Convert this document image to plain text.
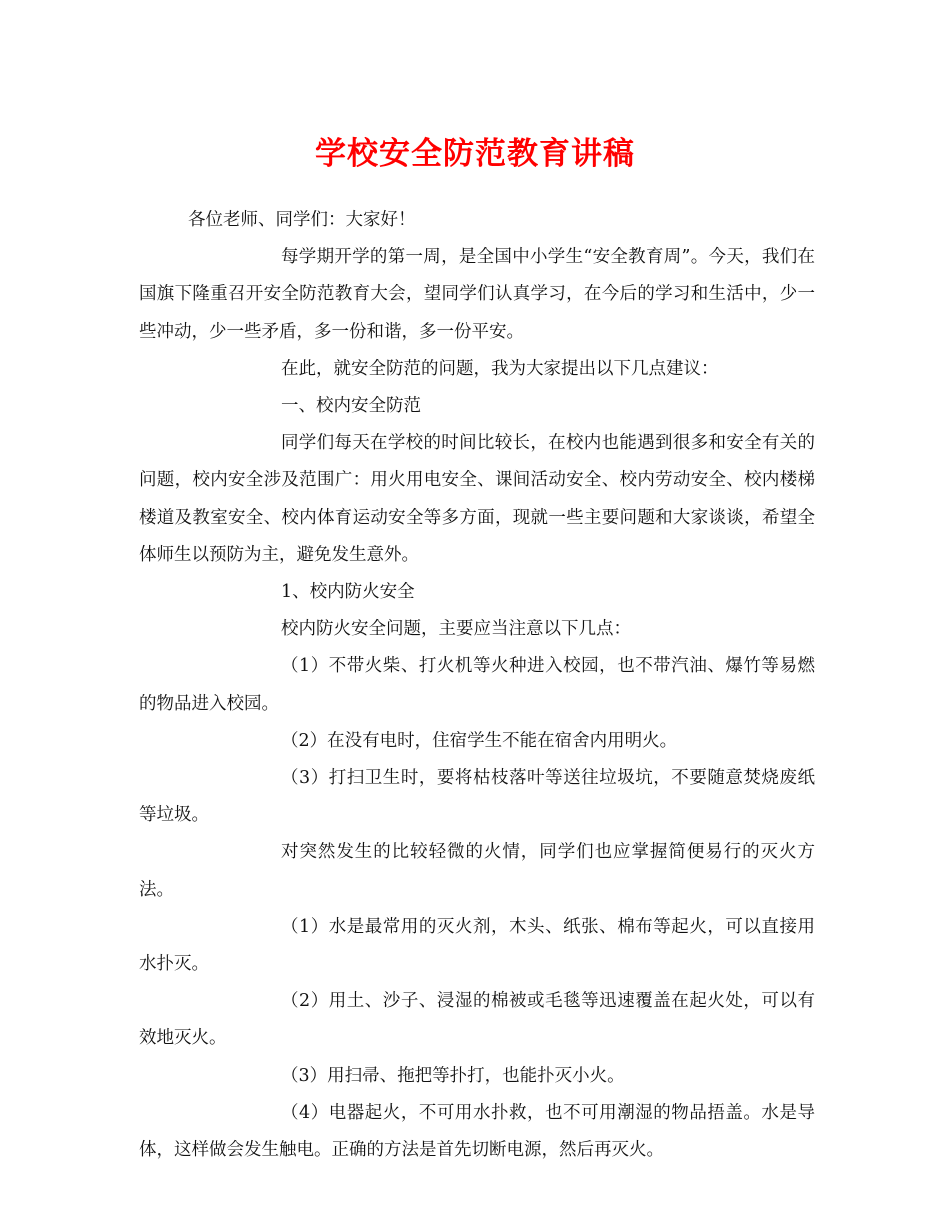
学校安全防范教育讲稿

各位老师、同学们：大家好！

每学期开学的第一周，是全国中小学生“安全教育周”。今天，我们在国旗下隆重召开安全防范教育大会，望同学们认真学习，在今后的学习和生活中，少一些冲动，少一些矛盾，多一份和谐，多一份平安。

在此，就安全防范的问题，我为大家提出以下几点建议：

一、校内安全防范

同学们每天在学校的时间比较长，在校内也能遇到很多和安全有关的问题，校内安全涉及范围广：用火用电安全、课间活动安全、校内劳动安全、校内楼梯楼道及教室安全、校内体育运动安全等多方面，现就一些主要问题和大家谈谈，希望全体师生以预防为主，避免发生意外。

1、校内防火安全

校内防火安全问题，主要应当注意以下几点：

（1）不带火柴、打火机等火种进入校园，也不带汽油、爆竹等易燃的物品进入校园。

（2）在没有电时，住宿学生不能在宿舍内用明火。

（3）打扫卫生时，要将枯枝落叶等送往垃圾坑，不要随意焚烧废纸等垃圾。

对突然发生的比较轻微的火情，同学们也应掌握简便易行的灭火方法。

（1）水是最常用的灭火剂，木头、纸张、棉布等起火，可以直接用水扑灭。

（2）用土、沙子、浸湿的棉被或毛毯等迅速覆盖在起火处，可以有效地灭火。

（3）用扫帚、拖把等扑打，也能扑灭小火。

（4）电器起火，不可用水扑救，也不可用潮湿的物品捂盖。水是导体，这样做会发生触电。正确的方法是首先切断电源，然后再灭火。
